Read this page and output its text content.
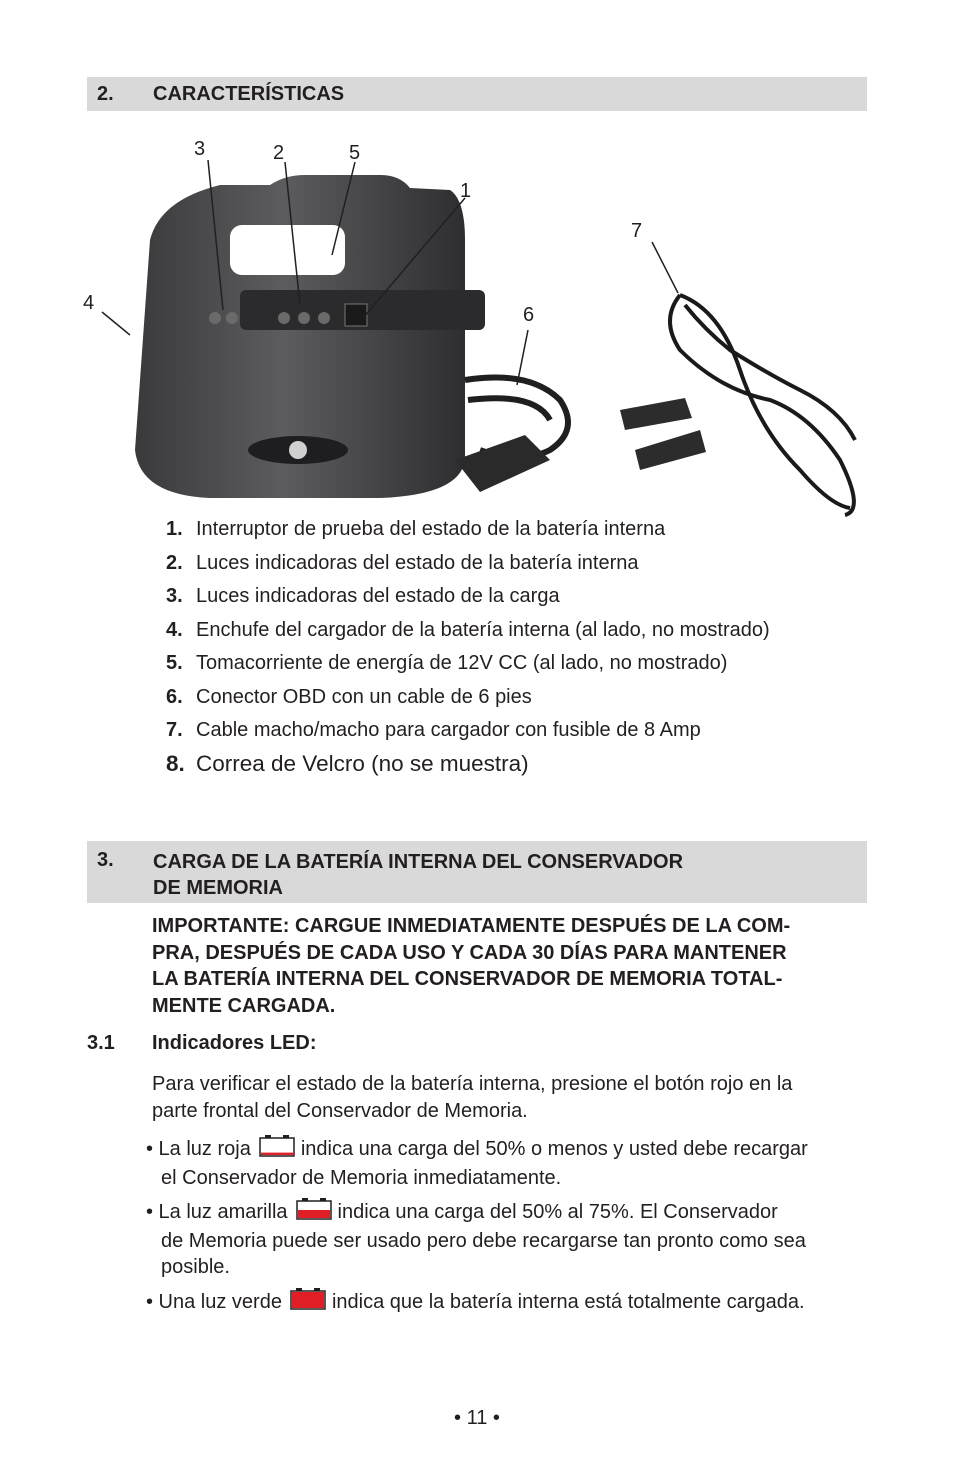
2. CARACTERÍSTICAS
1
2
3
4
5
6
7
1. Interruptor de prueba del estado de la batería interna
2. Luces indicadoras del estado de la batería interna
3. Luces indicadoras del estado de la carga
4. Enchufe del cargador de la batería interna (al lado, no mostrado)
5. Tomacorriente de energía de 12V CC (al lado, no mostrado)
6. Conector OBD con un cable de 6 pies
7. Cable macho/macho para cargador con fusible de 8 Amp
8. Correa de Velcro (no se muestra)
3. CARGA DE LA BATERÍA INTERNA DEL CONSERVADOR
DE MEMORIA
IMPORTANTE: CARGUE INMEDIATAMENTE DESPUÉS DE LA COM-
PRA, DESPUÉS DE CADA USO Y CADA 30 DÍAS PARA MANTENER
LA BATERÍA INTERNA DEL CONSERVADOR DE MEMORIA TOTAL-
MENTE CARGADA.
3.1 Indicadores LED:
Para verificar el estado de la batería interna, presione el botón rojo en la
parte frontal del Conservador de Memoria.
• La luz roja	indica una carga del 50% o menos y usted debe recargar
el Conservador de Memoria inmediatamente.
• La luz amarilla	indica una carga del 50% al 75%. El Conservador
de Memoria puede ser usado pero debe recargarse tan pronto como sea
posible.
• Una luz verde	indica que la batería interna está totalmente cargada.
• 11 •
